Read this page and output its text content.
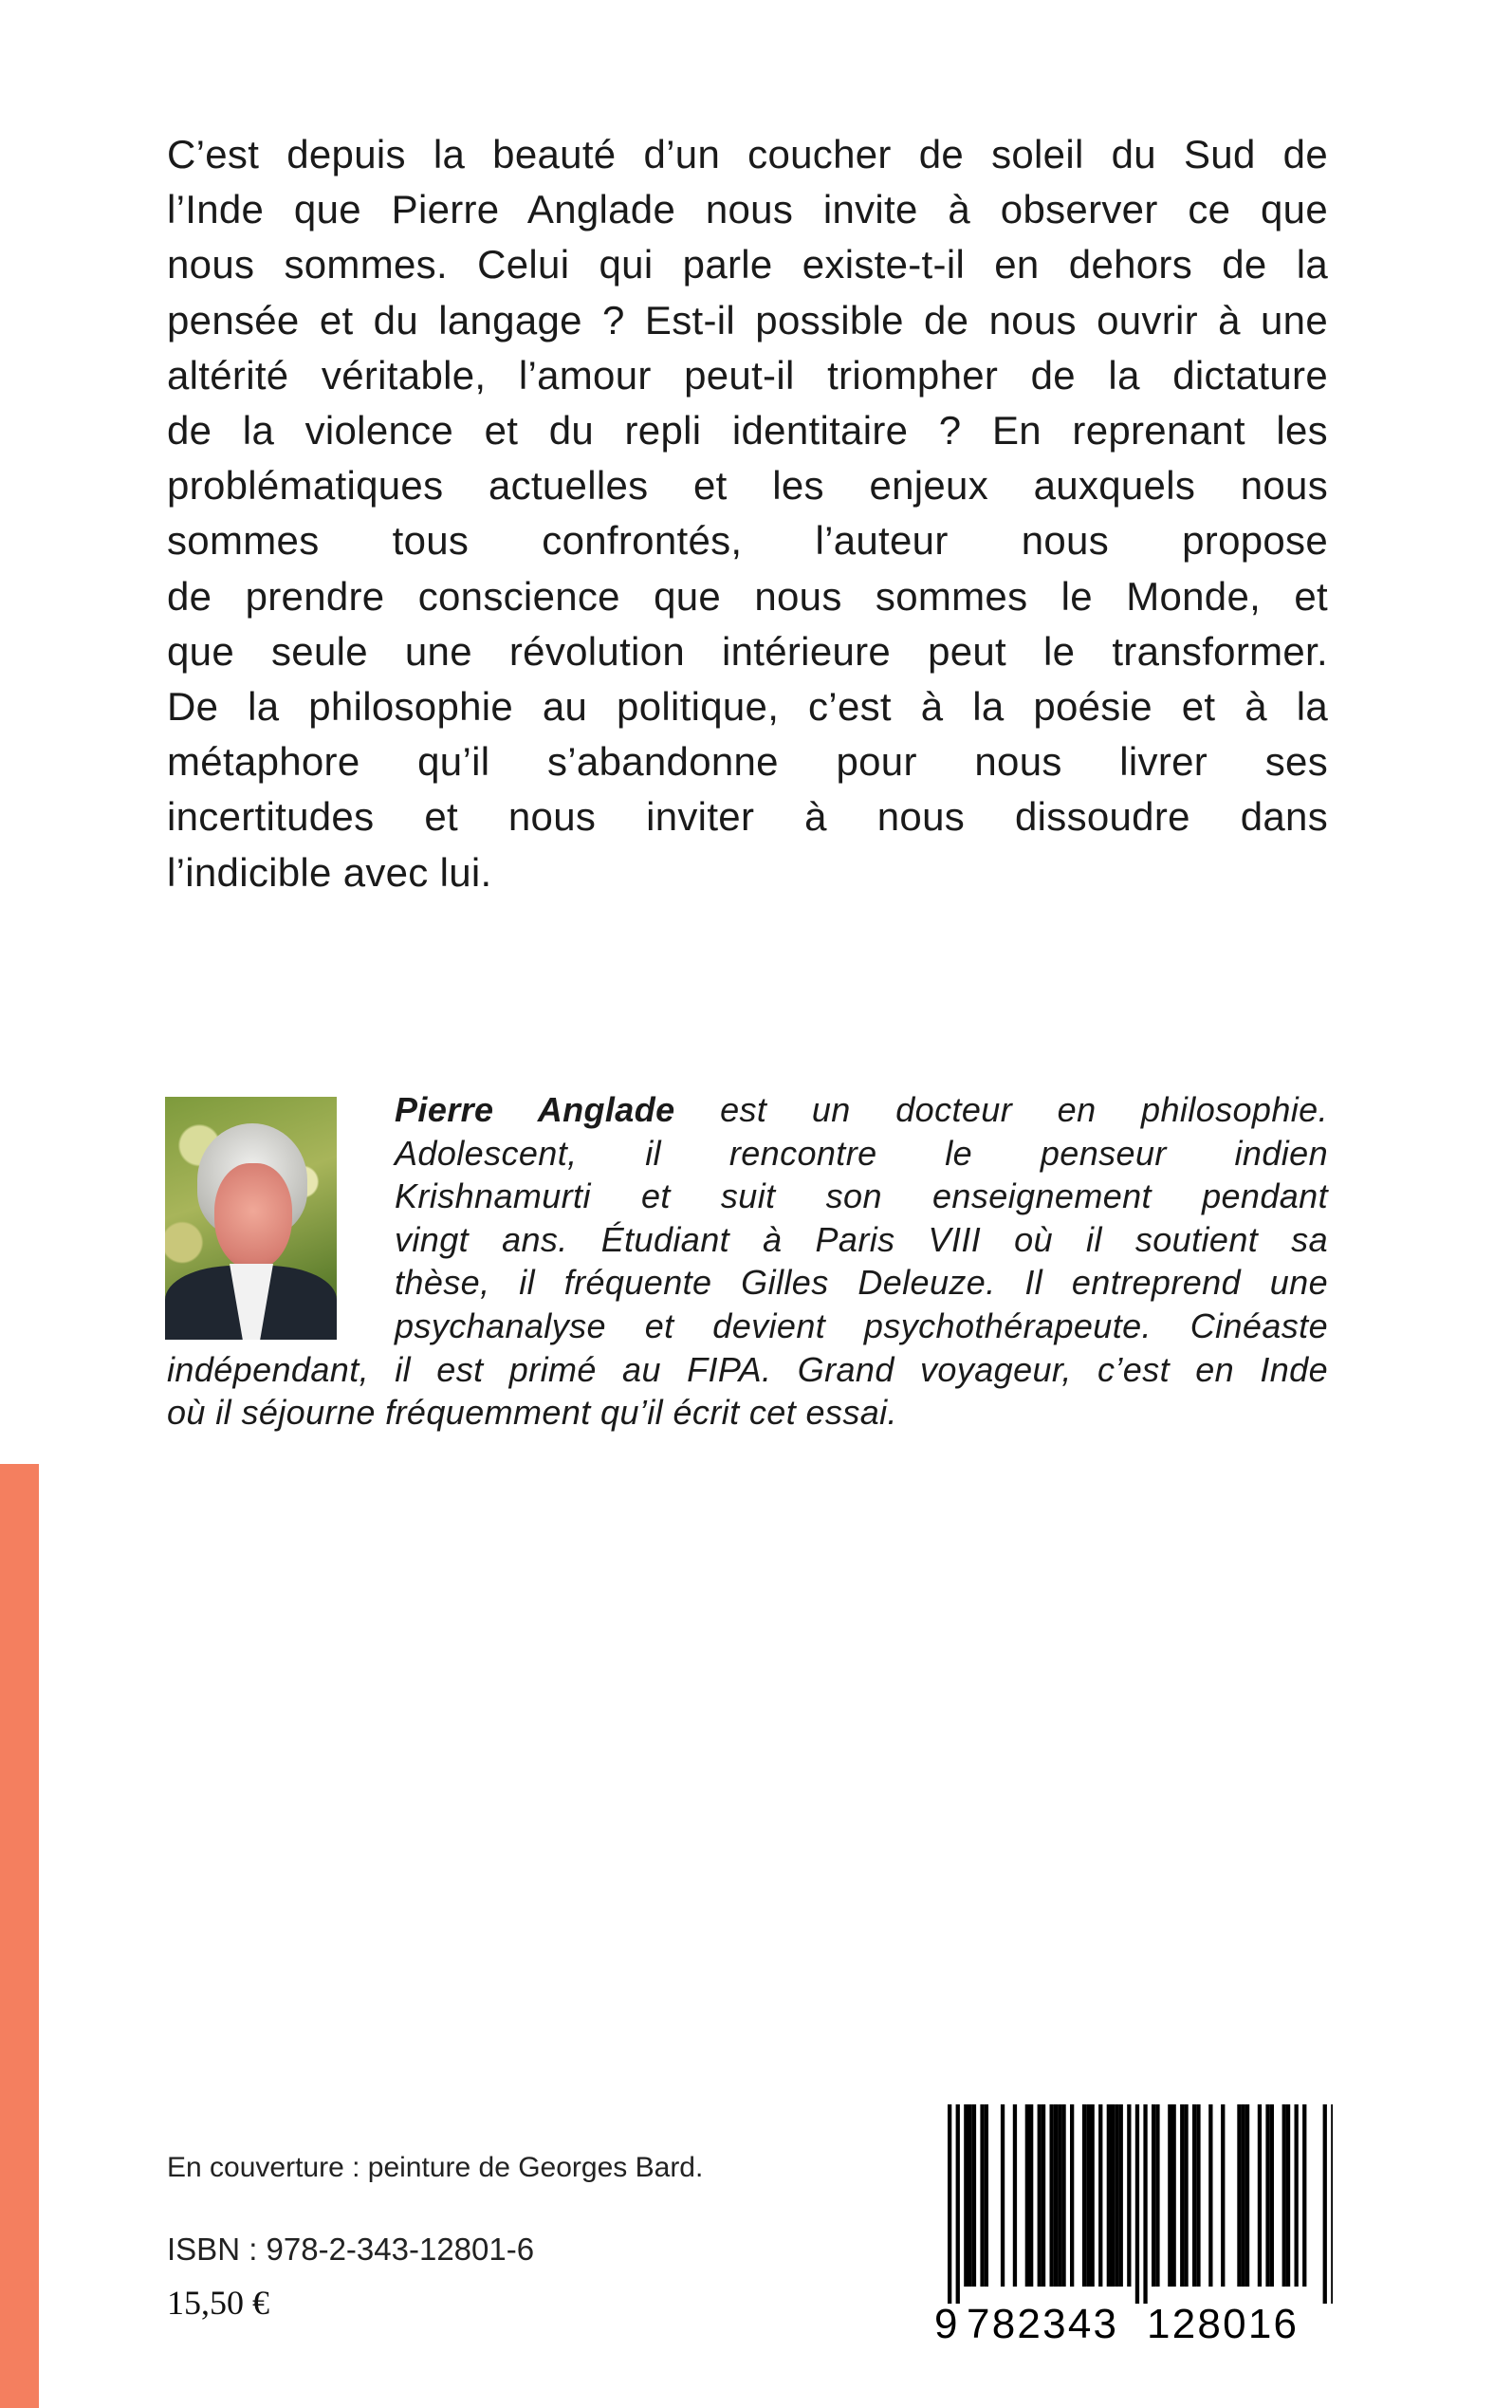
C’est depuis la beauté d’un coucher de soleil du Sud de
l’Inde que Pierre Anglade nous invite à observer ce que
nous sommes. Celui qui parle existe-t-il en dehors de la
pensée et du langage ? Est-il possible de nous ouvrir à une
altérité véritable, l’amour peut-il triompher de la dictature
de la violence et du repli identitaire ? En reprenant les
problématiques actuelles et les enjeux auxquels nous
sommes tous confrontés, l’auteur nous propose
de prendre conscience que nous sommes le Monde, et
que seule une révolution intérieure peut le transformer.
De la philosophie au politique, c’est à la poésie et à la
métaphore qu’il s’abandonne pour nous livrer ses
incertitudes et nous inviter à nous dissoudre dans
l’indicible avec lui.
Pierre Anglade est un docteur en philosophie.
Adolescent, il rencontre le penseur indien
Krishnamurti et suit son enseignement pendant
vingt ans. Étudiant à Paris VIII où il soutient sa
thèse, il fréquente Gilles Deleuze. Il entreprend une
psychanalyse et devient psychothérapeute. Cinéaste
indépendant, il est primé au FIPA. Grand voyageur, c’est en Inde
où il séjourne fréquemment qu’il écrit cet essai.
En couverture : peinture de Georges Bard.
ISBN : 978-2-343-12801-6
15,50 €	9 782343 128016
